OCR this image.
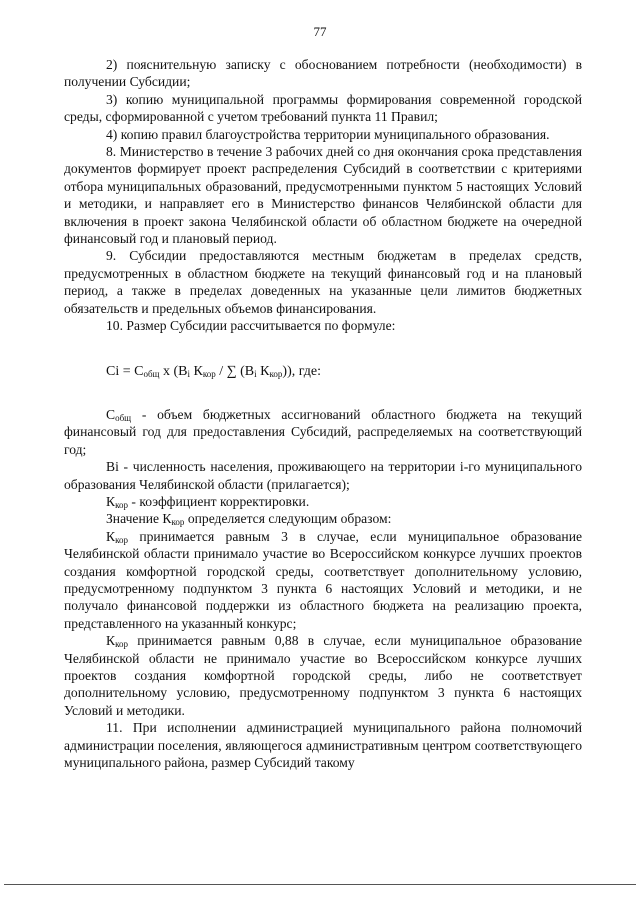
77

2) пояснительную записку с обоснованием потребности (необходимости) в получении Субсидии;

3) копию муниципальной программы формирования современной городской среды, сформированной с учетом требований пункта 11 Правил;

4) копию правил благоустройства территории муниципального образования.

8. Министерство в течение 3 рабочих дней со дня окончания срока представления документов формирует проект распределения Субсидий в соответствии с критериями отбора муниципальных образований, предусмотренными пунктом 5 настоящих Условий и методики, и направляет его в Министерство финансов Челябинской области для включения в проект закона Челябинской области об областном бюджете на очередной финансовый год и плановый период.

9. Субсидии предоставляются местным бюджетам в пределах средств, предусмотренных в областном бюджете на текущий финансовый год и на плановый период, а также в пределах доведенных на указанные цели лимитов бюджетных обязательств и предельных объемов финансирования.

10. Размер Субсидии рассчитывается по формуле:

$Ci = С_{общ}$ x ($В_i$ $К_{кор}$ / ∑ ($В_i$ $К_{кор}$)), где:

$С_{общ}$ - объем бюджетных ассигнований областного бюджета на текущий финансовый год для предоставления Субсидий, распределяемых на соответствующий год;

Вi - численность населения, проживающего на территории i-го муниципального образования Челябинской области (прилагается);

$К_{кор}$ - коэффициент корректировки.

Значение $К_{кор}$ определяется следующим образом:

$К_{кор}$ принимается равным 3 в случае, если муниципальное образование Челябинской области принимало участие во Всероссийском конкурсе лучших проектов создания комфортной городской среды, соответствует дополнительному условию, предусмотренному подпунктом 3 пункта 6 настоящих Условий и методики, и не получало финансовой поддержки из областного бюджета на реализацию проекта, представленного на указанный конкурс;

$К_{кор}$ принимается равным 0,88 в случае, если муниципальное образование Челябинской области не принимало участие во Всероссийском конкурсе лучших проектов создания комфортной городской среды, либо не соответствует дополнительному условию, предусмотренному подпунктом 3 пункта 6 настоящих Условий и методики.

11. При исполнении администрацией муниципального района полномочий администрации поселения, являющегося административным центром соответствующего муниципального района, размер Субсидий такому
